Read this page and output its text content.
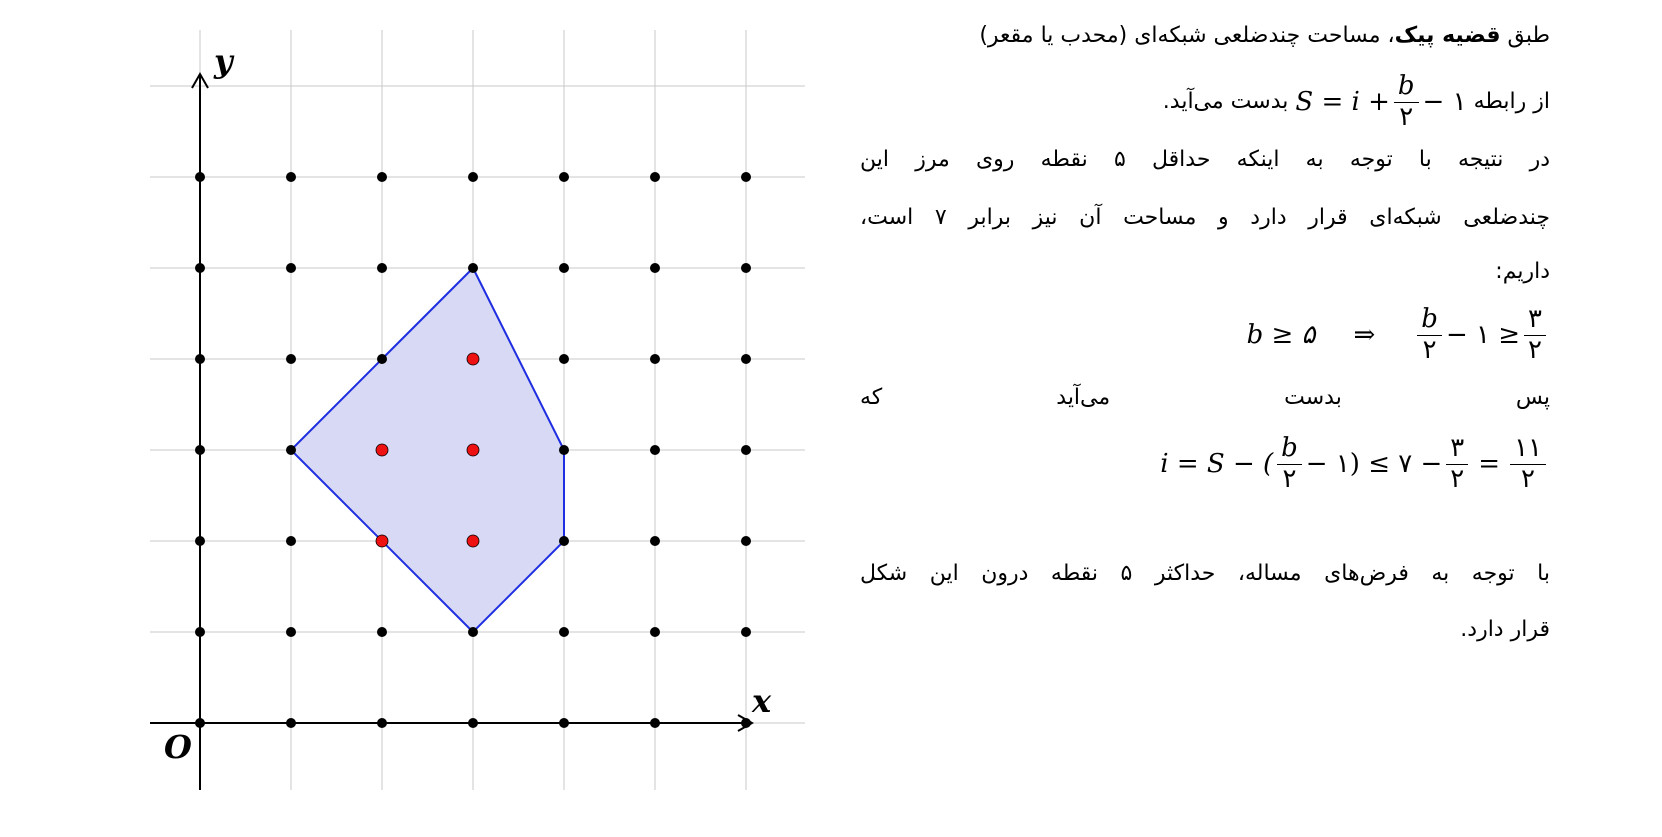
x
y
O

طبق قضیه پیک، مساحت چندضلعی شبکه‌ای (محدب یا مقعر)

از رابطه
$S = i + \frac{b}{۲}$ − ۱
بدست می‌آید.

در نتیجه با توجه به اینکه حداقل ۵ نقطه روی مرز این

چندضلعی شبکه‌ای قرار دارد و مساحت آن نیز برابر ۷ است،

داریم:

b ≥ ۵ ⇒ $\frac{b}{۲}$ − ۱ ≥ $\frac{۳}{۲}$
پس
بدست
می‌آید
که
i = S − ( $\frac{b}{۲}$ − ۱) ≤ ۷ − $\frac{۳}{۲} = \frac{۱۱}{۲}$

با توجه به فرض‌های مساله، حداکثر ۵ نقطه درون این شکل

قرار دارد.
